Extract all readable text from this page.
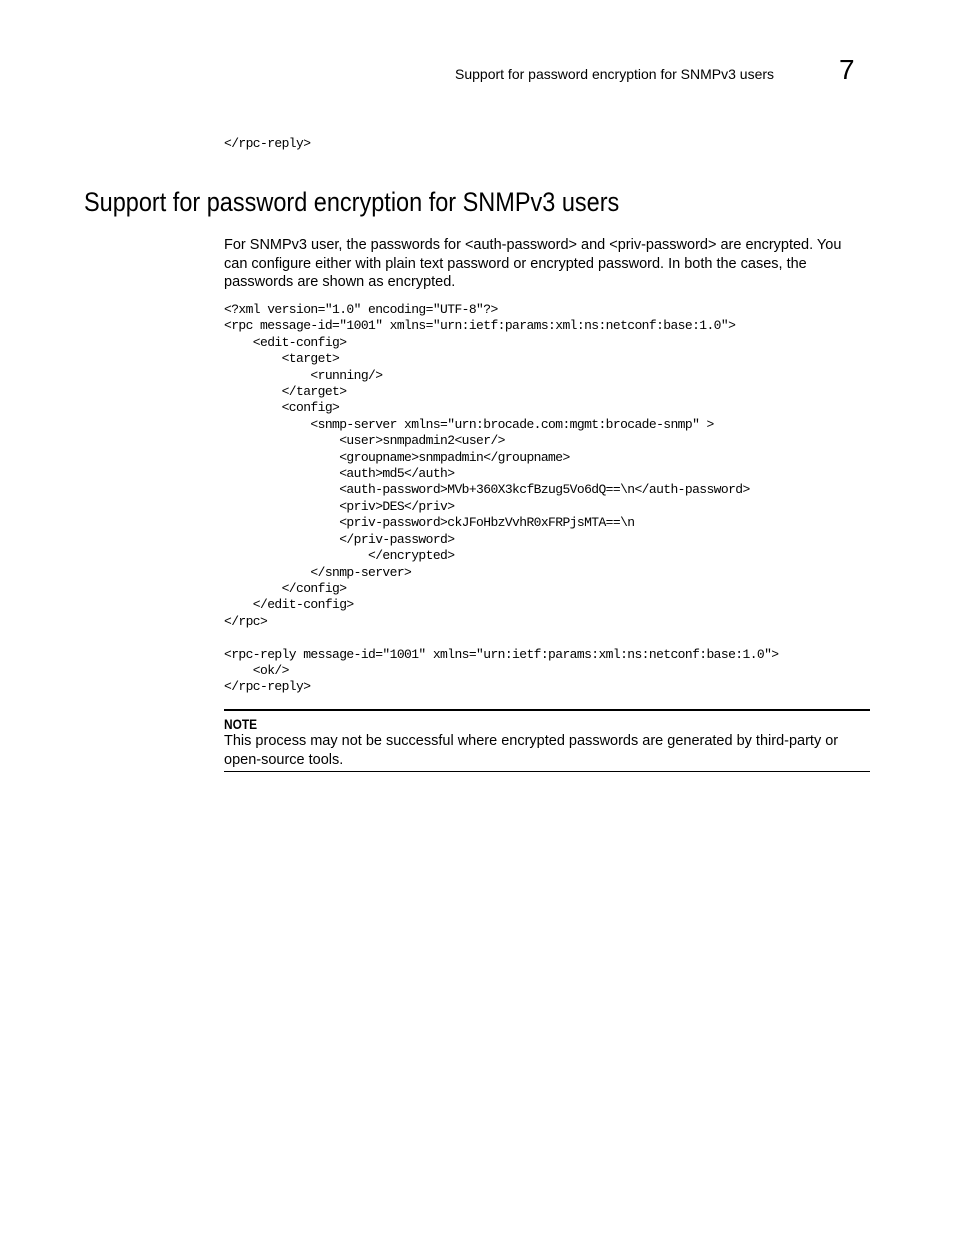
Support for password encryption for SNMPv3 users 7
</rpc-reply>
Support for password encryption for SNMPv3 users

For SNMPv3 user, the passwords for <auth-password> and <priv-password> are encrypted. You can configure either with plain text password or encrypted password. In both the cases, the passwords are shown as encrypted.

<?xml version="1.0" encoding="UTF-8"?>
<rpc message-id="1001" xmlns="urn:ietf:params:xml:ns:netconf:base:1.0">
<edit-config>
<target>
<running/>
</target>
<config>
<snmp-server xmlns="urn:brocade.com:mgmt:brocade-snmp" >
<user>snmpadmin2<user/>
<groupname>snmpadmin</groupname>
<auth>md5</auth>
<auth-password>MVb+360X3kcfBzug5Vo6dQ==\n</auth-password>
<priv>DES</priv>
<priv-password>ckJFoHbzVvhR0xFRPjsMTA==\n
</priv-password>
</encrypted>
</snmp-server>
</config>
</edit-config>
</rpc>

<rpc-reply message-id="1001" xmlns="urn:ietf:params:xml:ns:netconf:base:1.0">
<ok/>
</rpc-reply>
NOTE

This process may not be successful where encrypted passwords are generated by third-party or open-source tools.
